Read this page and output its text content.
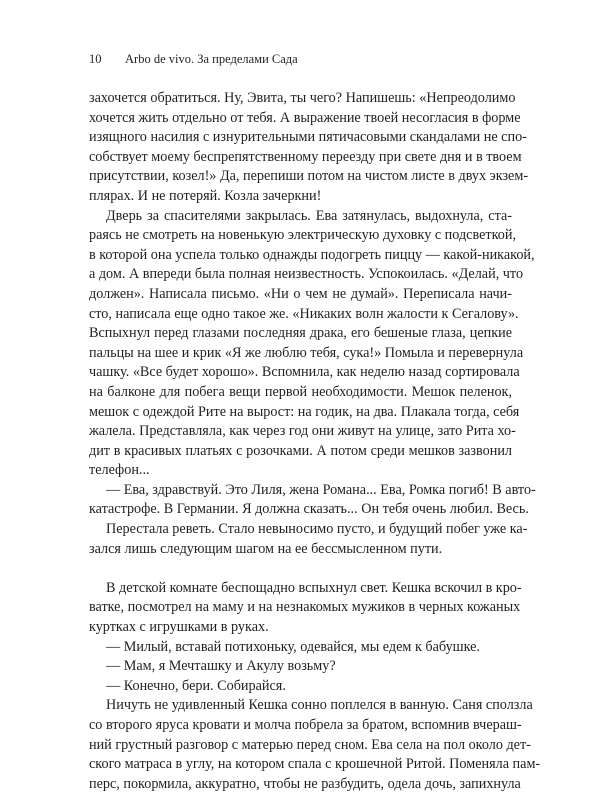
10 Arbo de vivo. За пределами Сада
захочется обратиться. Ну, Эвита, ты чего? Напишешь: «Непреодолимо
хочется жить отдельно от тебя. А выражение твоей несогласия в форме
изящного насилия с изнурительными пятичасовыми скандалами не спо-
собствует моему беспрепятственному переезду при свете дня и в твоем
присутствии, козел!» Да, перепиши потом на чистом листе в двух экзем-
плярах. И не потеряй. Козла зачеркни!
Дверь за спасителями закрылась. Ева затянулась, выдохнула, ста-
раясь не смотреть на новенькую электрическую духовку с подсветкой,
в которой она успела только однажды подогреть пиццу — какой-никакой,
а дом. А впереди была полная неизвестность. Успокоилась. «Делай, что
должен». Написала письмо. «Ни о чем не думай». Переписала начи-
сто, написала еще одно такое же. «Никаких волн жалости к Сегалову».
Вспыхнул перед глазами последняя драка, его бешеные глаза, цепкие
пальцы на шее и крик «Я же люблю тебя, сука!» Помыла и перевернула
чашку. «Все будет хорошо». Вспомнила, как неделю назад сортировала
на балконе для побега вещи первой необходимости. Мешок пеленок,
мешок с одеждой Рите на вырост: на годик, на два. Плакала тогда, себя
жалела. Представляла, как через год они живут на улице, зато Рита хо-
дит в красивых платьях с розочками. А потом среди мешков зазвонил
телефон...
— Ева, здравствуй. Это Лиля, жена Романа... Ева, Ромка погиб! В авто-
катастрофе. В Германии. Я должна сказать... Он тебя очень любил. Весь.
Перестала реветь. Стало невыносимо пусто, и будущий побег уже ка-
зался лишь следующим шагом на ее бессмысленном пути.
В детской комнате беспощадно вспыхнул свет. Кешка вскочил в кро-
ватке, посмотрел на маму и на незнакомых мужиков в черных кожаных
куртках с игрушками в руках.
— Милый, вставай потихоньку, одевайся, мы едем к бабушке.
— Мам, я Мечташку и Акулу возьму?
— Конечно, бери. Собирайся.
Ничуть не удивленный Кешка сонно поплелся в ванную. Саня сползла
со второго яруса кровати и молча побрела за братом, вспомнив вчераш-
ний грустный разговор с матерью перед сном. Ева села на пол около дет-
ского матраса в углу, на котором спала с крошечной Ритой. Поменяла пам-
перс, покормила, аккуратно, чтобы не разбудить, одела дочь, запихнула
